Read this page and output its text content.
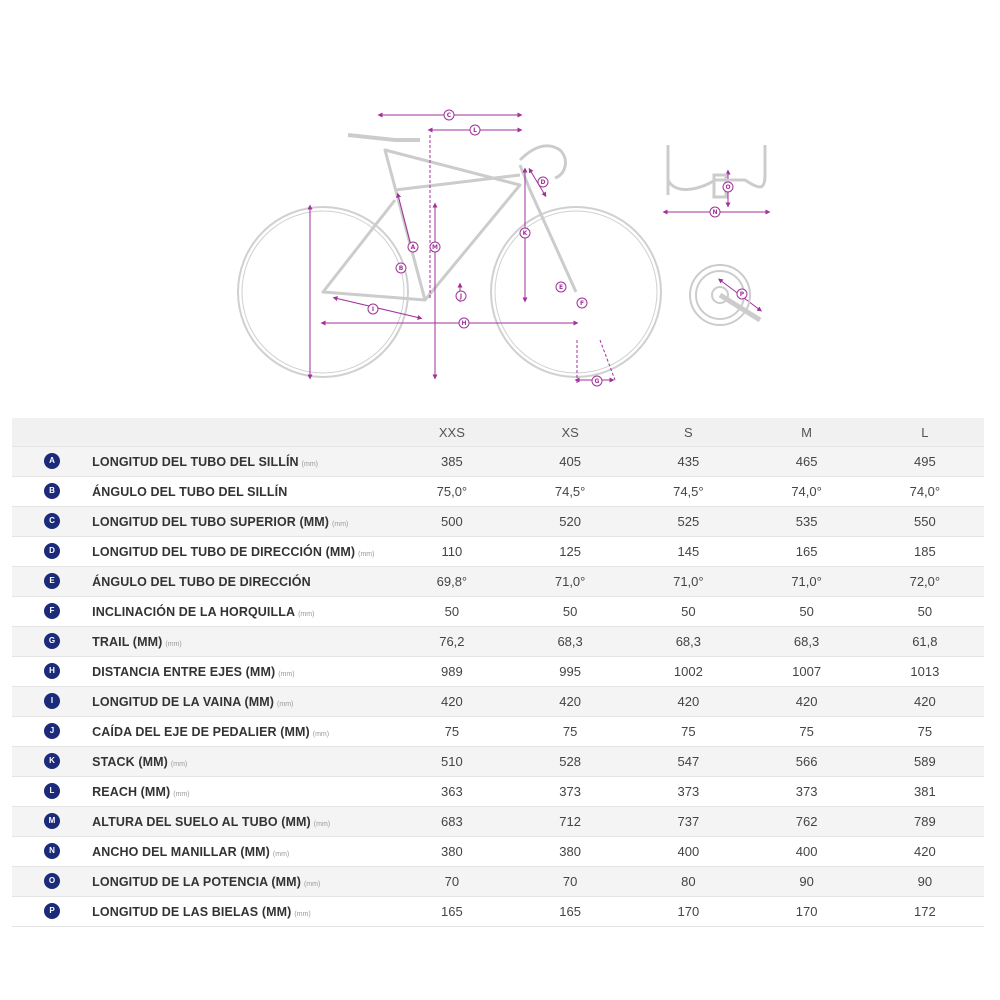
A
B
C
D
E
F
G
H
I
J
K
L
M
N
O
P
		XXS	XS	S	M	L
A	LONGITUD DEL TUBO DEL SILLÍN (mm)	385	405	435	465	495
B	ÁNGULO DEL TUBO DEL SILLÍN	75,0°	74,5°	74,5°	74,0°	74,0°
C	LONGITUD DEL TUBO SUPERIOR (MM) (mm)	500	520	525	535	550
D	LONGITUD DEL TUBO DE DIRECCIÓN (MM) (mm)	110	125	145	165	185
E	ÁNGULO DEL TUBO DE DIRECCIÓN	69,8°	71,0°	71,0°	71,0°	72,0°
F	INCLINACIÓN DE LA HORQUILLA (mm)	50	50	50	50	50
G	TRAIL (MM) (mm)	76,2	68,3	68,3	68,3	61,8
H	DISTANCIA ENTRE EJES (MM) (mm)	989	995	1002	1007	1013
I	LONGITUD DE LA VAINA (MM) (mm)	420	420	420	420	420
J	CAÍDA DEL EJE DE PEDALIER (MM) (mm)	75	75	75	75	75
K	STACK (MM) (mm)	510	528	547	566	589
L	REACH (MM) (mm)	363	373	373	373	381
M	ALTURA DEL SUELO AL TUBO (MM) (mm)	683	712	737	762	789
N	ANCHO DEL MANILLAR (MM) (mm)	380	380	400	400	420
O	LONGITUD DE LA POTENCIA (MM) (mm)	70	70	80	90	90
P	LONGITUD DE LAS BIELAS (MM) (mm)	165	165	170	170	172
